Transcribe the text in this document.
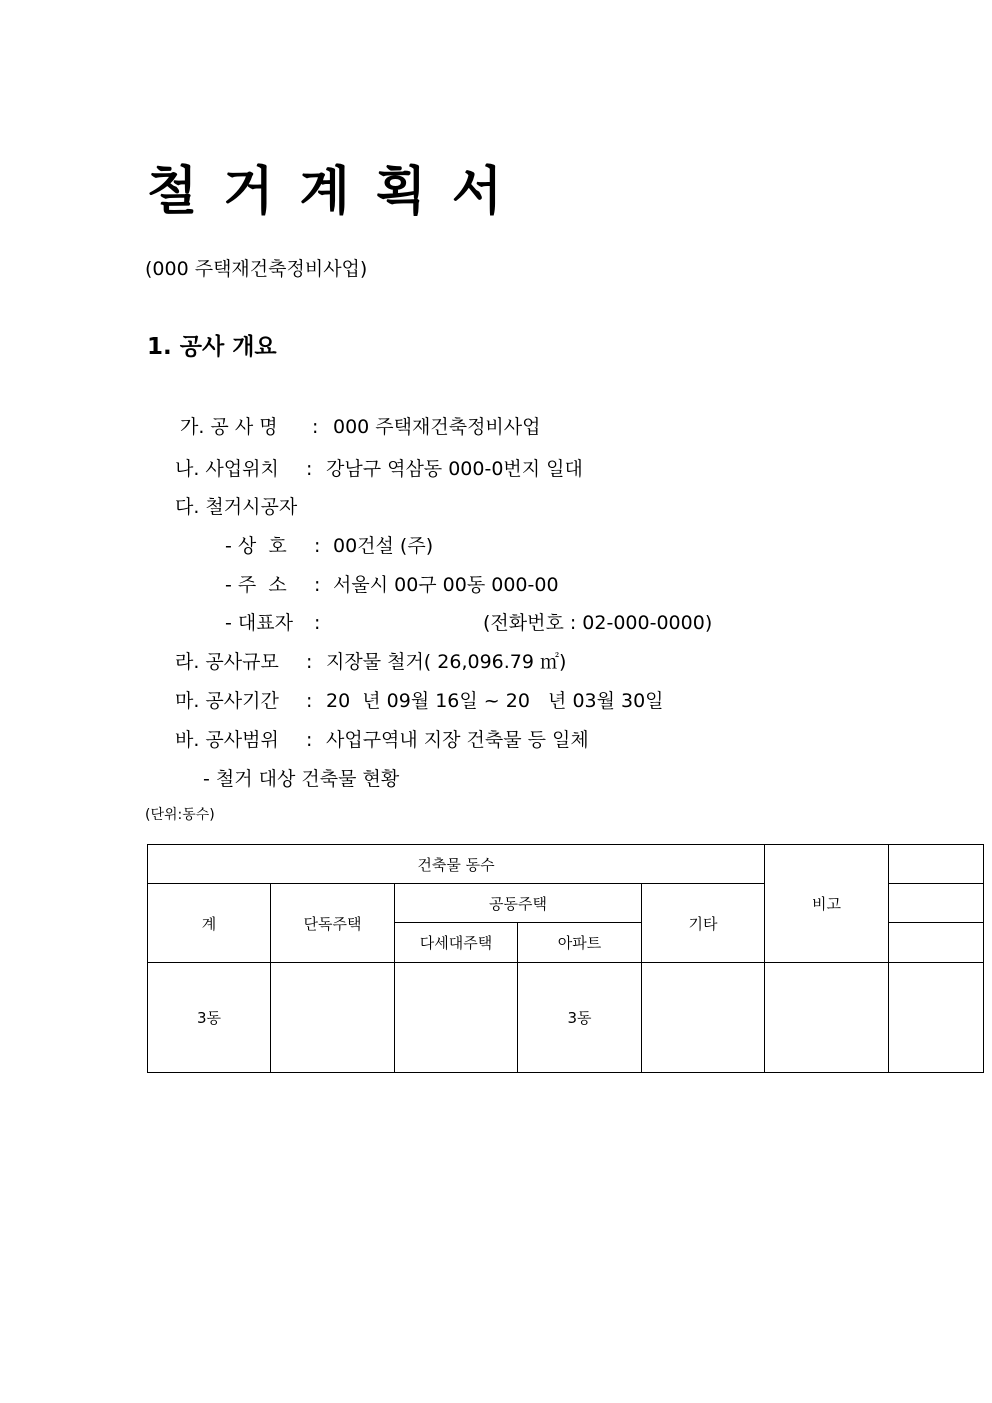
철거계획서
(000 주택재건축정비사업)
1. 공사 개요
가. 공 사 명 : 000 주택재건축정비사업
나. 사업위치 : 강남구 역삼동 000-0번지 일대
다. 철거시공자
- 상  호 : 00건설 (주)
- 주  소 : 서울시 00구 00동 000-00
- 대표자 :	(전화번호 : 02-000-0000)
라. 공사규모 : 지장물 철거( 26,096.79 ㎡)
마. 공사기간 : 20  년 09월 16일 ~ 20   년 03월 30일
바. 공사범위 : 사업구역내 지장 건축물 등 일체
- 철거 대상 건축물 현황
(단위:동수)
건축물 동수					비고	
계	단독주택	공동주택		기타		
		다세대주택	아파트			
3동			3동			
